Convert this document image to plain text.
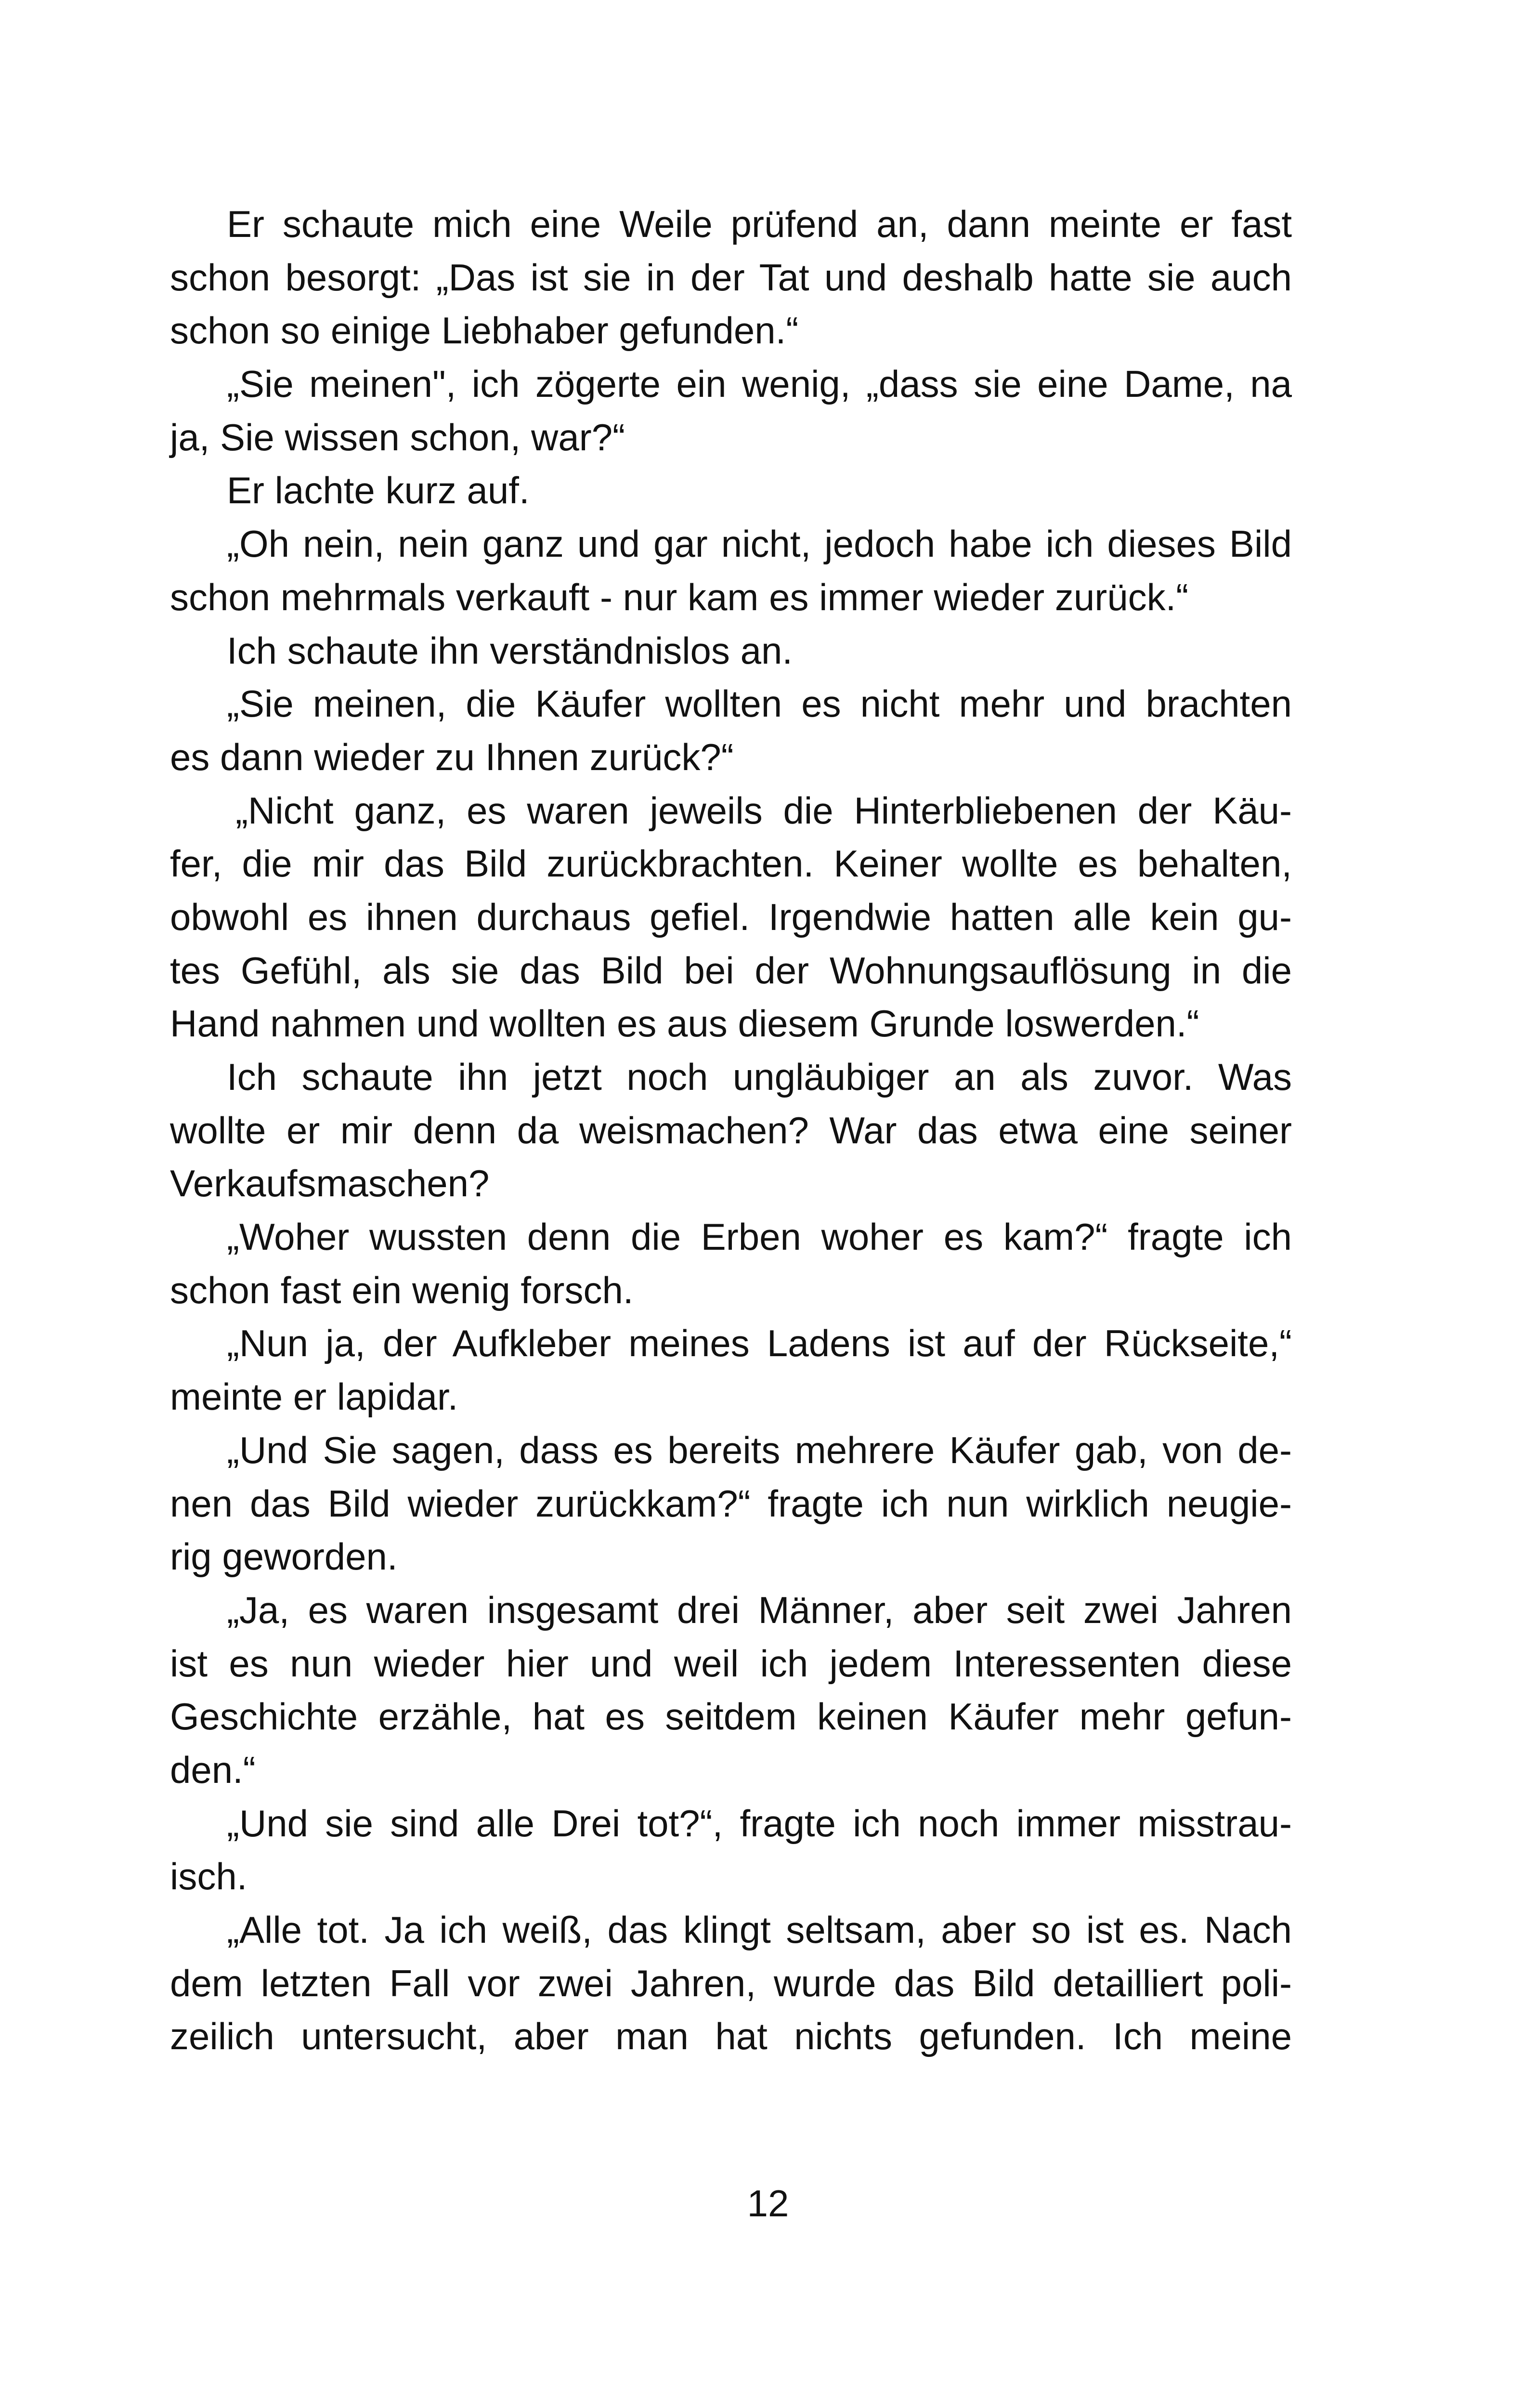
Er schaute mich eine Weile prüfend an, dann meinte er fast
schon besorgt: „Das ist sie in der Tat und deshalb hatte sie auch
schon so einige Liebhaber gefunden.“
„Sie meinen", ich zögerte ein wenig, „dass sie eine Dame, na
ja, Sie wissen schon, war?“
Er lachte kurz auf.
„Oh nein, nein ganz und gar nicht, jedoch habe ich dieses Bild
schon mehrmals verkauft - nur kam es immer wieder zurück.“
Ich schaute ihn verständnislos an.
„Sie meinen, die Käufer wollten es nicht mehr und brachten
es dann wieder zu Ihnen zurück?“
„Nicht ganz, es waren jeweils die Hinterbliebenen der Käu-
fer, die mir das Bild zurückbrachten. Keiner wollte es behalten,
obwohl es ihnen durchaus gefiel. Irgendwie hatten alle kein gu-
tes Gefühl, als sie das Bild bei der Wohnungsauflösung in die
Hand nahmen und wollten es aus diesem Grunde loswerden.“
Ich schaute ihn jetzt noch ungläubiger an als zuvor. Was
wollte er mir denn da weismachen? War das etwa eine seiner
Verkaufsmaschen?
„Woher wussten denn die Erben woher es kam?“ fragte ich
schon fast ein wenig forsch.
„Nun ja, der Aufkleber meines Ladens ist auf der Rückseite,“
meinte er lapidar.
„Und Sie sagen, dass es bereits mehrere Käufer gab, von de-
nen das Bild wieder zurückkam?“ fragte ich nun wirklich neugie-
rig geworden.
„Ja, es waren insgesamt drei Männer, aber seit zwei Jahren
ist es nun wieder hier und weil ich jedem Interessenten diese
Geschichte erzähle, hat es seitdem keinen Käufer mehr gefun-
den.“
„Und sie sind alle Drei tot?“, fragte ich noch immer misstrau-
isch.
„Alle tot. Ja ich weiß, das klingt seltsam, aber so ist es. Nach
dem letzten Fall vor zwei Jahren, wurde das Bild detailliert poli-
zeilich untersucht, aber man hat nichts gefunden. Ich meine
12
